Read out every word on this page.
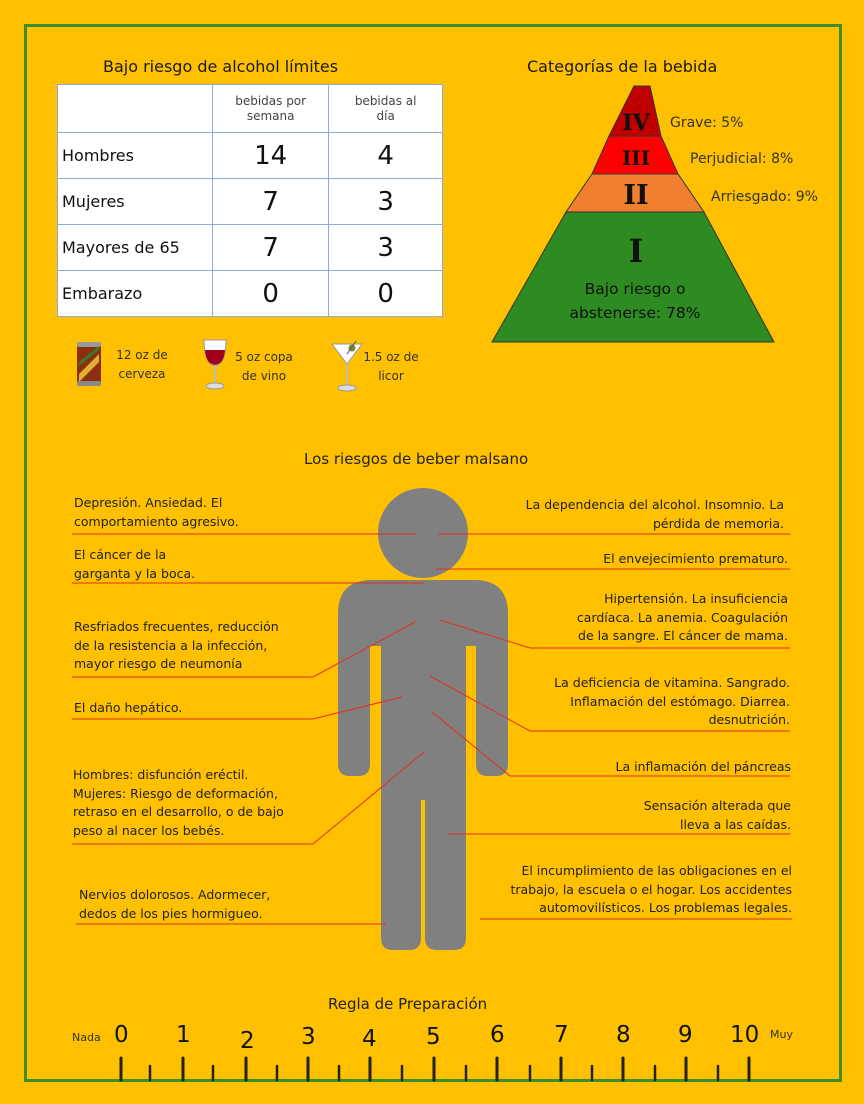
Bajo riesgo de alcohol límites

	bebidas por semana	bebidas al día

Hombres	14	4
Mujeres	7	3
Mayores de 65	7	3
Embarazo	0	0
12 oz de cerveza
5 oz copa de vino
1.5 oz de licor
Categorías de la bebida
IV
III
II
I
Bajo riesgo o abstenerse: 78%
Grave: 5%
Perjudicial: 8%
Arriesgado: 9%
Los riesgos de beber malsano
Depresión. Ansiedad. El comportamiento agresivo.
El cáncer de la garganta y la boca.
Resfriados frecuentes, reducción de la resistencia a la infección, mayor riesgo de neumonía
El daño hepático.
Hombres: disfunción eréctil. Mujeres: Riesgo de deformación, retraso en el desarrollo, o de bajo peso al nacer los bebés.
Nervios dolorosos. Adormecer, dedos de los pies hormigueo.
La dependencia del alcohol. Insomnio. La pérdida de memoria.
El envejecimiento prematuro.
Hipertensión. La insuficiencia cardíaca. La anemia. Coagulación de la sangre. El cáncer de mama.
La deficiencia de vitamina. Sangrado. Inflamación del estómago. Diarrea. desnutrición.
La inflamación del páncreas
Sensación alterada que lleva a las caídas.
El incumplimiento de las obligaciones en el trabajo, la escuela o el hogar. Los accidentes automovilísticos. Los problemas legales.
Regla de Preparación
Nada	Muy
0 1 2 3 4 5 6 7 8 9 10
